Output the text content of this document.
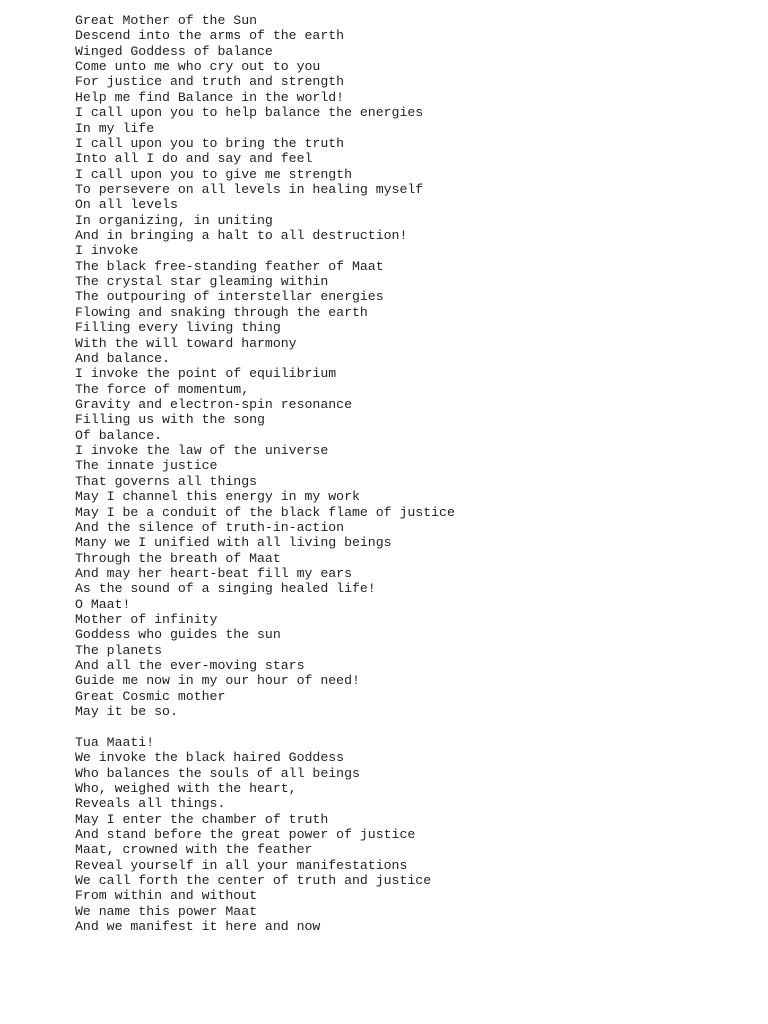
Great Mother of the Sun
Descend into the arms of the earth
Winged Goddess of balance
Come unto me who cry out to you
For justice and truth and strength
Help me find Balance in the world!
I call upon you to help balance the energies
In my life
I call upon you to bring the truth
Into all I do and say and feel
I call upon you to give me strength
To persevere on all levels in healing myself
On all levels
In organizing, in uniting
And in bringing a halt to all destruction!
I invoke
The black free-standing feather of Maat
The crystal star gleaming within
The outpouring of interstellar energies
Flowing and snaking through the earth
Filling every living thing
With the will toward harmony
And balance.
I invoke the point of equilibrium
The force of momentum,
Gravity and electron-spin resonance
Filling us with the song
Of balance.
I invoke the law of the universe
The innate justice
That governs all things
May I channel this energy in my work
May I be a conduit of the black flame of justice
And the silence of truth-in-action
Many we I unified with all living beings
Through the breath of Maat
And may her heart-beat fill my ears
As the sound of a singing healed life!
O Maat!
Mother of infinity
Goddess who guides the sun
The planets
And all the ever-moving stars
Guide me now in my our hour of need!
Great Cosmic mother
May it be so.
Tua Maati!
We invoke the black haired Goddess
Who balances the souls of all beings
Who, weighed with the heart,
Reveals all things.
May I enter the chamber of truth
And stand before the great power of justice
Maat, crowned with the feather
Reveal yourself in all your manifestations
We call forth the center of truth and justice
From within and without
We name this power Maat
And we manifest it here and now
